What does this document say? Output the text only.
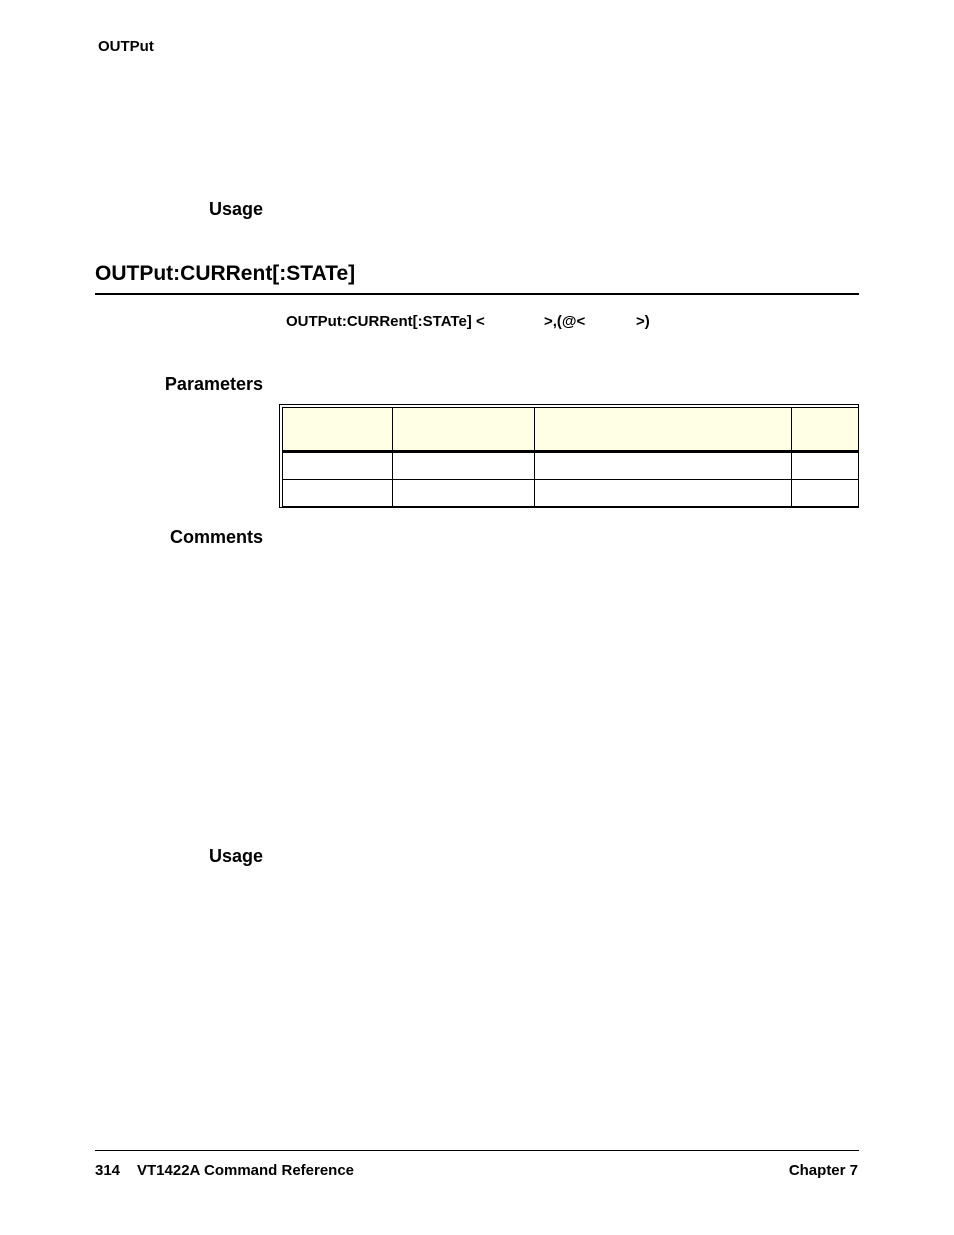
OUTPut
Usage
OUTPut:CURRent[:STATe]
OUTPut:CURRent[:STATe] <	>,(@<	>)
Parameters

Comments
Usage
314 VT1422A Command Reference	Chapter 7
